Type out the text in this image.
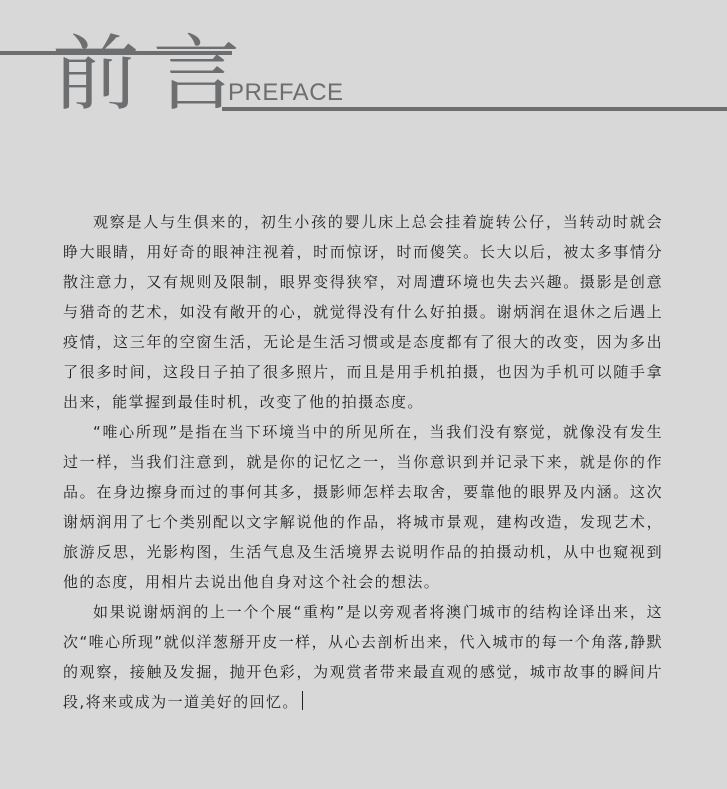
前言
PREFACE

观察是人与生俱来的，初生小孩的婴儿床上总会挂着旋转公仔，当转动时就会睁大眼睛，用好奇的眼神注视着，时而惊讶，时而傻笑。长大以后，被太多事情分散注意力，又有规则及限制，眼界变得狭窄，对周遭环境也失去兴趣。摄影是创意与猎奇的艺术，如没有敞开的心，就觉得没有什么好拍摄。谢炳润在退休之后遇上疫情，这三年的空窗生活，无论是生活习惯或是态度都有了很大的改变，因为多出了很多时间，这段日子拍了很多照片，而且是用手机拍摄，也因为手机可以随手拿出来，能掌握到最佳时机，改变了他的拍摄态度。

“唯心所现”是指在当下环境当中的所见所在，当我们没有察觉，就像没有发生过一样，当我们注意到，就是你的记忆之一，当你意识到并记录下来，就是你的作品。在身边擦身而过的事何其多，摄影师怎样去取舍，要靠他的眼界及内涵。这次谢炳润用了七个类别配以文字解说他的作品，将城市景观，建构改造，发现艺术，旅游反思，光影构图，生活气息及生活境界去说明作品的拍摄动机，从中也窥视到他的态度，用相片去说出他自身对这个社会的想法。

如果说谢炳润的上一个个展“重构”是以旁观者将澳门城市的结构诠译出来，这次“唯心所现”就似洋葱掰开皮一样，从心去剖析出来，代入城市的每一个角落,静默的观察，接触及发掘，抛开色彩，为观赏者带来最直观的感觉，城市故事的瞬间片段,将来或成为一道美好的回忆。
